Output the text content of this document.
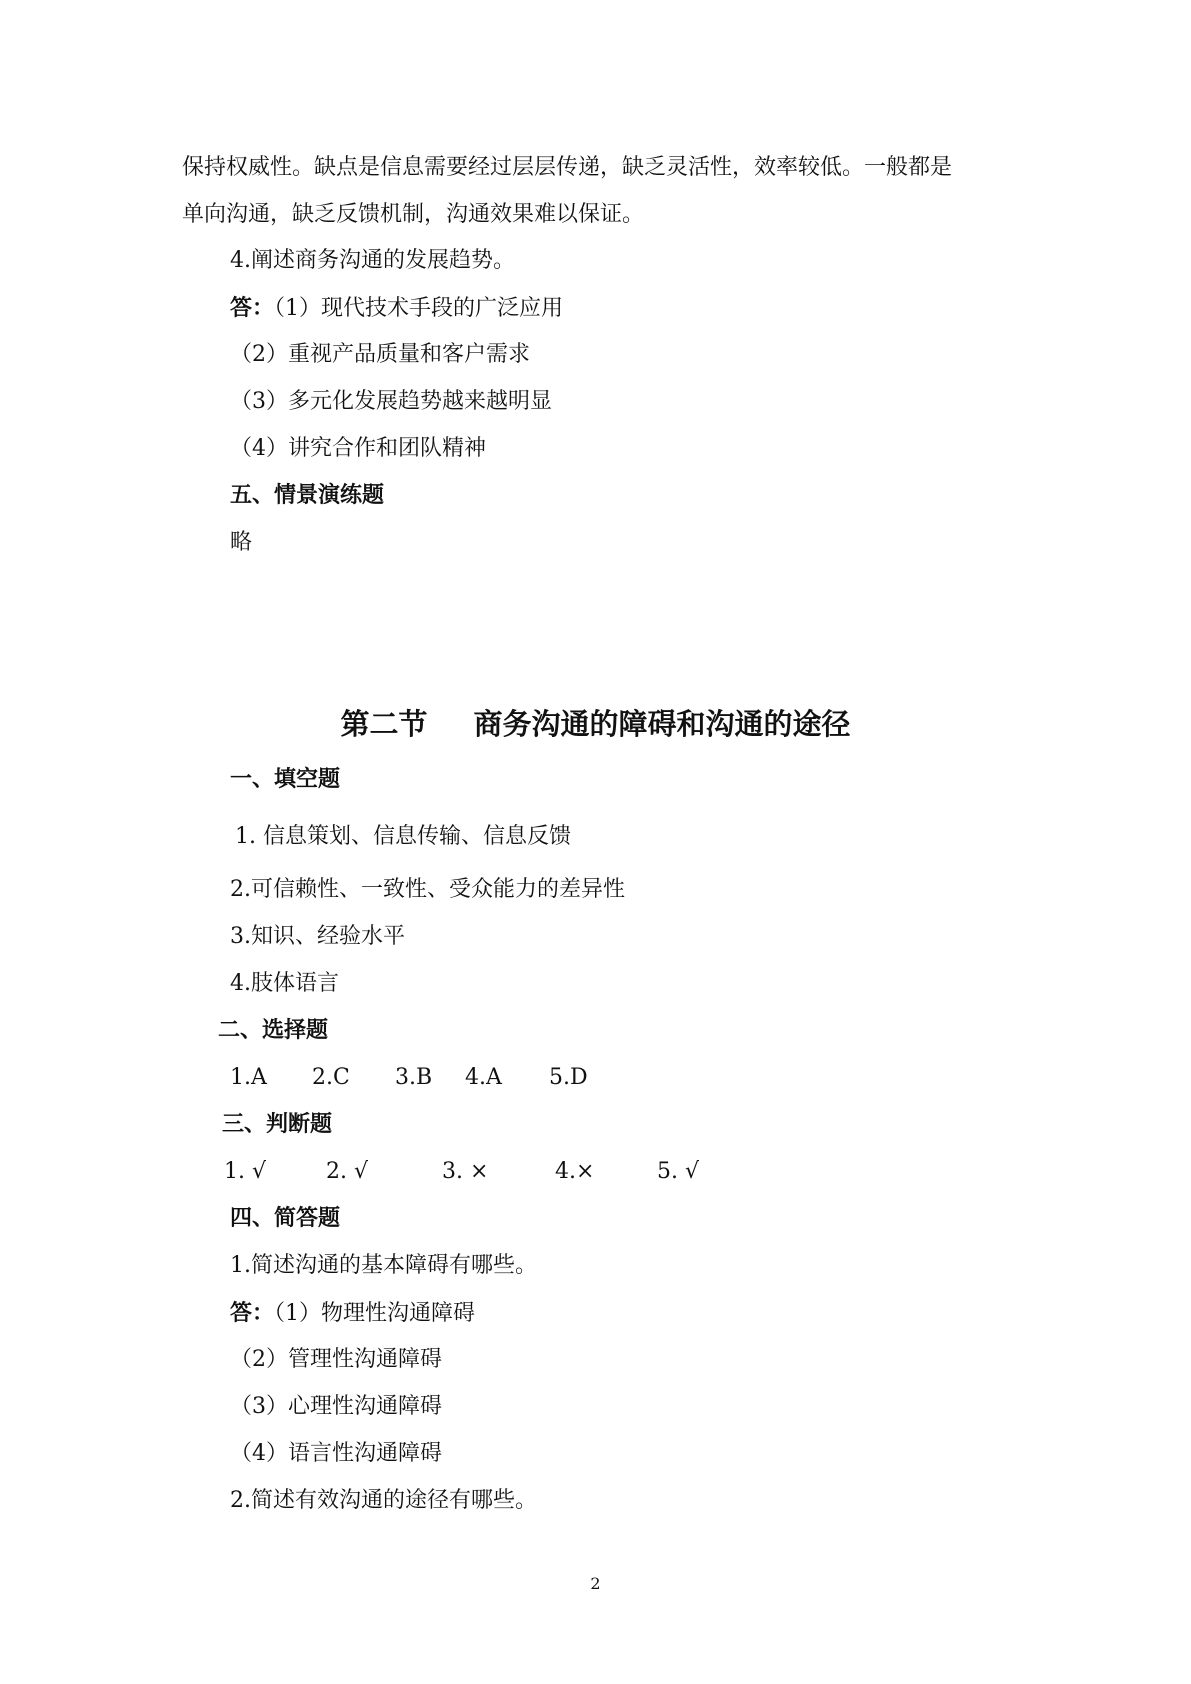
保持权威性。缺点是信息需要经过层层传递，缺乏灵活性，效率较低。一般都是
单向沟通，缺乏反馈机制，沟通效果难以保证。
4.阐述商务沟通的发展趋势。
答：（1）现代技术手段的广泛应用
（2）重视产品质量和客户需求
（3）多元化发展趋势越来越明显
（4）讲究合作和团队精神
五、情景演练题
略
第二节 商务沟通的障碍和沟通的途径
一、填空题
1. 信息策划、信息传输、信息反馈
2.可信赖性、一致性、受众能力的差异性
3.知识、经验水平
4.肢体语言
二、选择题
1.A 2.C 3.B 4.A 5.D
三、判断题
1. √	2. √	3. ×	4.×	5. √
四、简答题
1.简述沟通的基本障碍有哪些。
答：（1）物理性沟通障碍
（2）管理性沟通障碍
（3）心理性沟通障碍
（4）语言性沟通障碍
2.简述有效沟通的途径有哪些。
2
